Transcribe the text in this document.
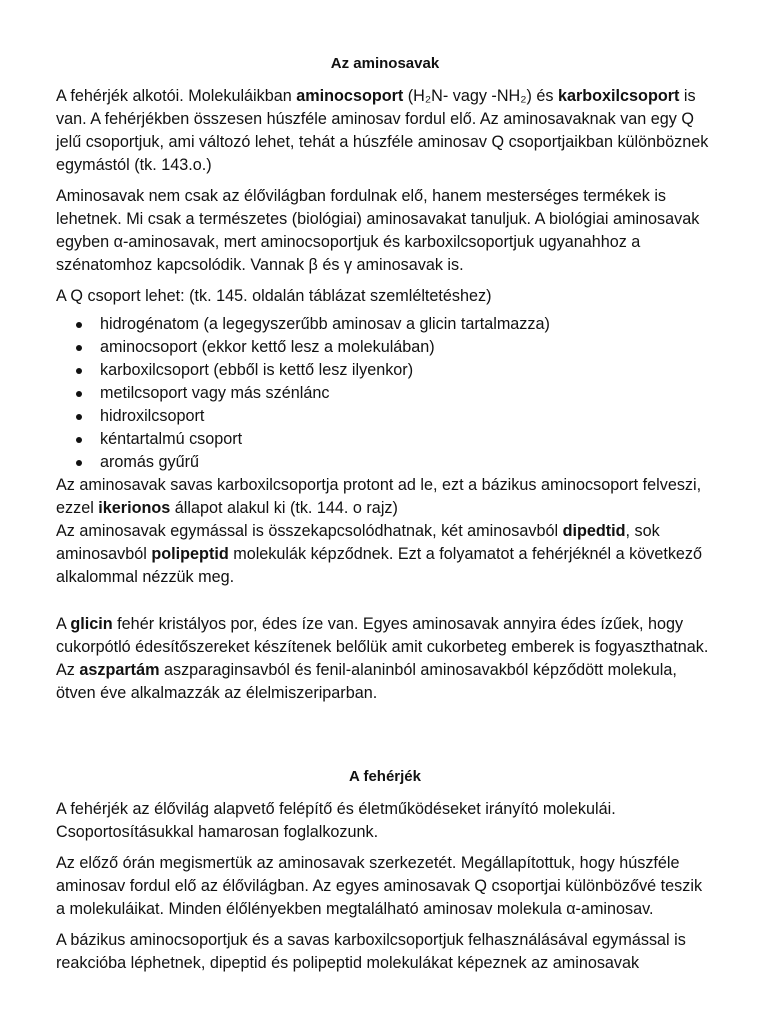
Az aminosavak

A fehérjék alkotói. Molekuláikban aminocsoport (H₂N- vagy -NH₂) és karboxilcsoport is van. A fehérjékben összesen húszféle aminosav fordul elő. Az aminosavaknak van egy Q jelű csoportjuk, ami változó lehet, tehát a húszféle aminosav Q csoportjaikban különböznek egymástól (tk. 143.o.)

Aminosavak nem csak az élővilágban fordulnak elő, hanem mesterséges termékek is lehetnek. Mi csak a természetes (biológiai) aminosavakat tanuljuk. A biológiai aminosavak egyben α-aminosavak, mert aminocsoportjuk és karboxilcsoportjuk ugyanahhoz a szénatomhoz kapcsolódik. Vannak β és γ aminosavak is.

A Q csoport lehet: (tk. 145. oldalán táblázat szemléltetéshez)

hidrogénatom (a legegyszerűbb aminosav a glicin tartalmazza)
aminocsoport (ekkor kettő lesz a molekulában)
karboxilcsoport (ebből is kettő lesz ilyenkor)
metilcsoport vagy más szénlánc
hidroxilcsoport
kéntartalmú csoport
aromás gyűrű

Az aminosavak savas karboxilcsoportja protont ad le, ezt a bázikus aminocsoport felveszi, ezzel ikerionos állapot alakul ki (tk. 144. o rajz)

Az aminosavak egymással is összekapcsolódhatnak, két aminosavból dipedtid, sok aminosavból polipeptid molekulák képződnek. Ezt a folyamatot a fehérjéknél a következő alkalommal nézzük meg.

A glicin fehér kristályos por, édes íze van. Egyes aminosavak annyira édes ízűek, hogy cukorpótló édesítőszereket készítenek belőlük amit cukorbeteg emberek is fogyaszthatnak. Az aszpartám aszparaginsavból és fenil-alaninból aminosavakból képződött molekula, ötven éve alkalmazzák az élelmiszeriparban.

A fehérjék

A fehérjék az élővilág alapvető felépítő és életműködéseket irányító molekulái. Csoportosításukkal hamarosan foglalkozunk.

Az előző órán megismertük az aminosavak szerkezetét. Megállapítottuk, hogy húszféle aminosav fordul elő az élővilágban. Az egyes aminosavak Q csoportjai különbözővé teszik a molekuláikat. Minden élőlényekben megtalálható aminosav molekula α-aminosav.

A bázikus aminocsoportjuk és a savas karboxilcsoportjuk felhasználásával egymással is reakcióba léphetnek, dipeptid és polipeptid molekulákat képeznek az aminosavak
